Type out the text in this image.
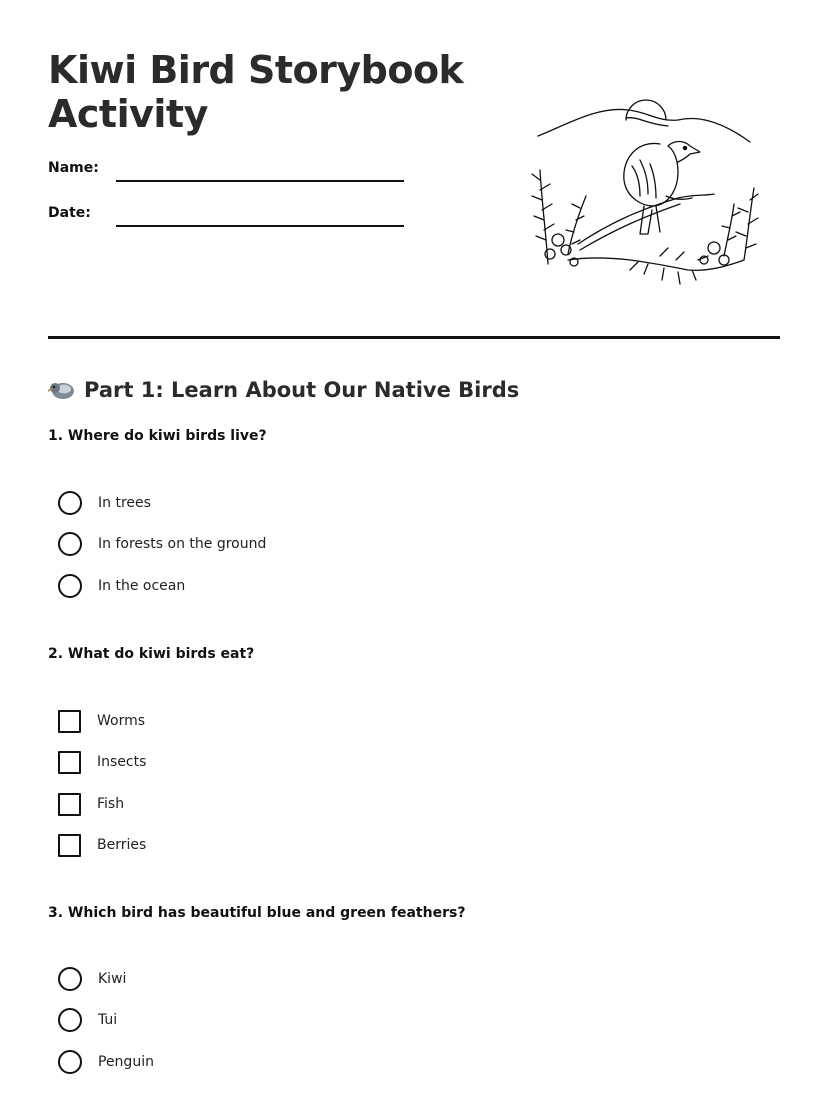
Kiwi Bird Storybook
Activity
Name:
Date:
Part 1: Learn About Our Native Birds
1. Where do kiwi birds live?
In trees
In forests on the ground
In the ocean
2. What do kiwi birds eat?
Worms
Insects
Fish
Berries
3. Which bird has beautiful blue and green feathers?
Kiwi
Tui
Penguin
